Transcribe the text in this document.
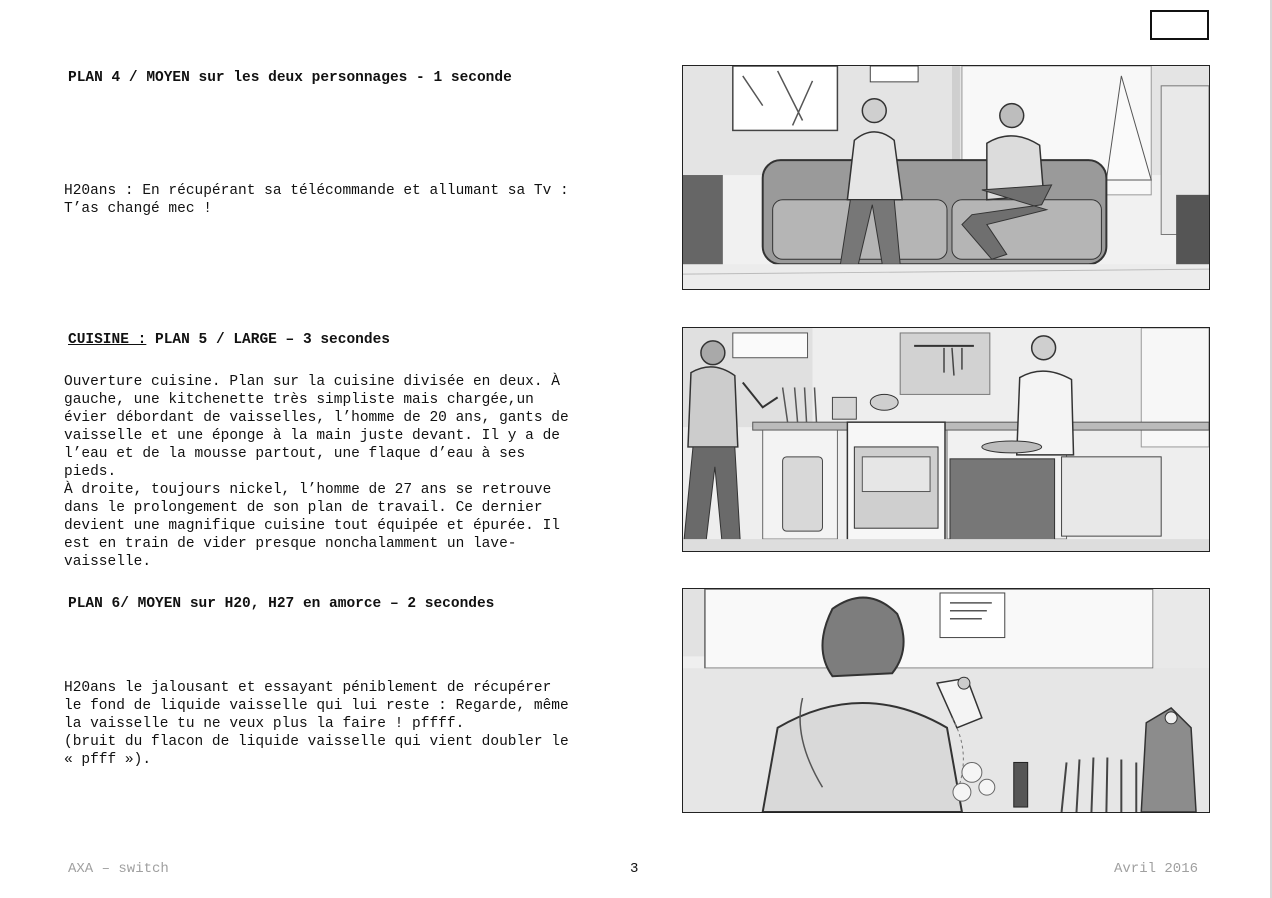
PLAN 4 / MOYEN sur les deux personnages - 1 seconde
H20ans : En récupérant sa télécommande et allumant sa Tv :
T’as changé mec !
CUISINE : PLAN 5 / LARGE – 3 secondes
Ouverture cuisine. Plan sur la cuisine divisée en deux. À
gauche, une kitchenette très simpliste mais chargée,un
évier débordant de vaisselles, l’homme de 20 ans, gants de
vaisselle et une éponge à la main juste devant. Il y a de
l’eau et de la mousse partout, une flaque d’eau à ses
pieds.
À droite, toujours nickel, l’homme de 27 ans se retrouve
dans le prolongement de son plan de travail. Ce dernier
devient une magnifique cuisine tout équipée et épurée. Il
est en train de vider presque nonchalamment un lave-
vaisselle.
PLAN 6/ MOYEN sur H20, H27 en amorce – 2 secondes
H20ans le jalousant et essayant péniblement de récupérer
le fond de liquide vaisselle qui lui reste : Regarde, même
la vaisselle tu ne veux plus la faire ! pffff.
(bruit du flacon de liquide vaisselle qui vient doubler le
« pfff »).
AXA – switch	3	Avril 2016
